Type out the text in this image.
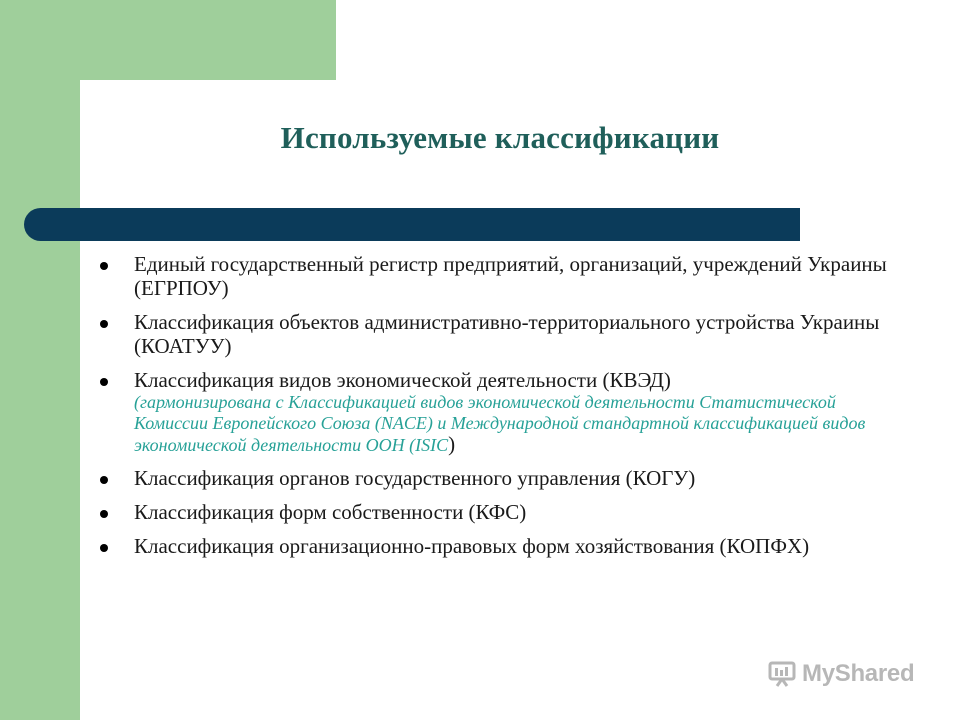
Используемые классификации
Единый государственный регистр предприятий, организаций, учреждений Украины (ЕГРПОУ)
Классификация объектов административно-территориального устройства Украины (КОАТУУ)
Классификация видов экономической деятельности (КВЭД)
(гармонизирована с Классификацией видов экономической деятельности Статистической Комиссии Европейского Союза (NACE) и Международной стандартной классификацией видов экономической деятельности ООН (ISIC)
Классификация органов государственного управления (КОГУ)
Классификация форм собственности (КФС)
Классификация организационно-правовых форм хозяйствования (КОПФХ)
MyShared
